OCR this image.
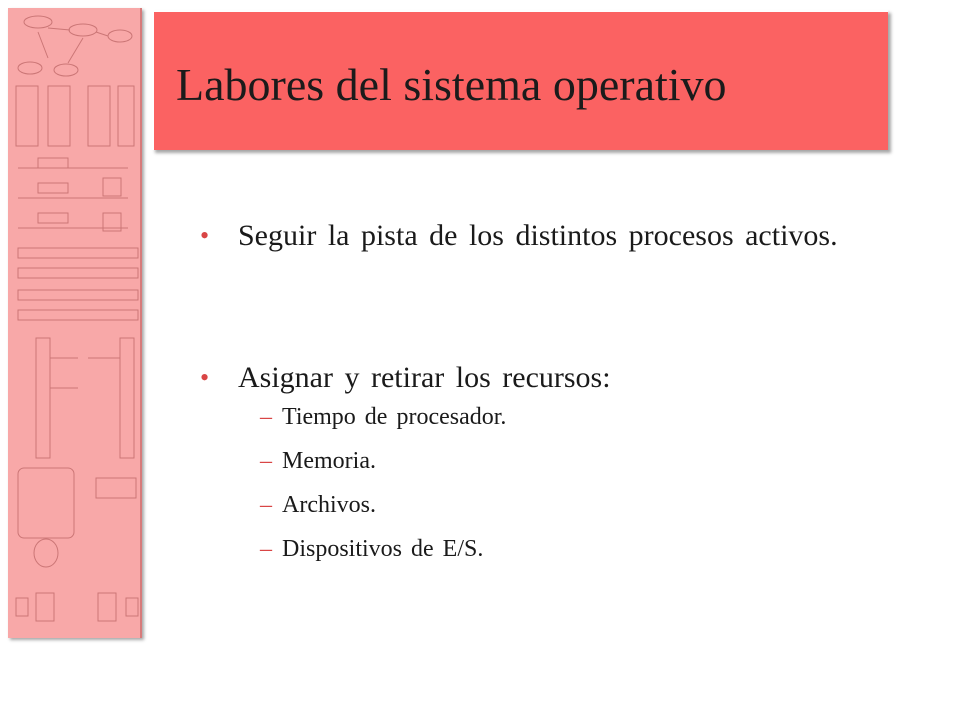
Labores del sistema operativo
• Seguir la pista de los distintos procesos activos.
• Asignar y retirar los recursos:
– Tiempo de procesador.
– Memoria.
– Archivos.
– Dispositivos de E/S.
